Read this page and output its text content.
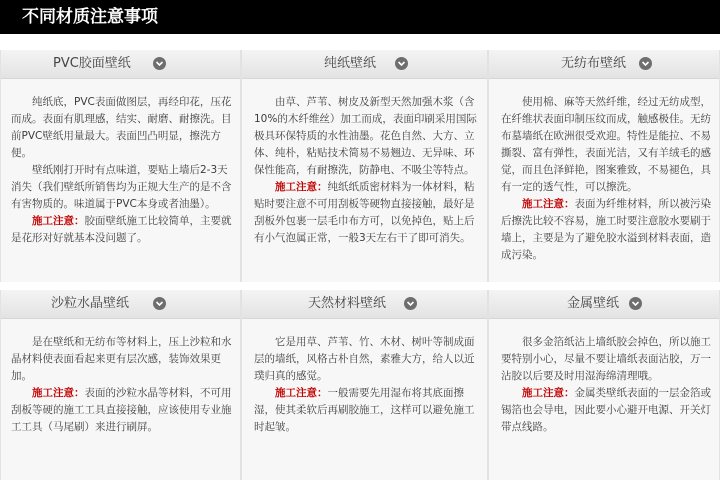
不同材质注意事项
PVC胶面壁纸

纯纸底，PVC表面做图层，再经印花，压花而成。表面有肌理感，结实、耐磨、耐擦洗。目前PVC壁纸用量最大。表面凹凸明显，擦洗方便。

壁纸刚打开时有点味道，要贴上墙后2-3天消失（我们壁纸所销售均为正规大生产的是不含有害物质的。味道属于PVC本身或者油墨）。

施工注意：胶面壁纸施工比较简单，主要就是花形对好就基本没问题了。

纯纸壁纸

由草、芦苇、树皮及新型天然加强木浆（含10%的木纤维丝）加工而成，表面印刷采用国际极具环保特质的水性油墨。花色自然、大方、立体、纯朴，粘贴技术简易不易翘边、无异味、环保性能高，有耐擦洗，防静电、不吸尘等特点。

施工注意：纯纸纸质密材料为一体材料，粘贴时要注意不可用刮板等硬物直接接触，最好是刮板外包裹一层毛巾布方可，以免掉色，贴上后有小气泡属正常，一般3天左右干了即可消失。

无纺布壁纸

使用棉、麻等天然纤维，经过无纺成型，在纤维状表面印制压纹而成，触感极佳。无纺布墓墙纸在欧洲很受欢迎。特性是能拉、不易撕裂、富有弹性，表面光洁，又有羊绒毛的感觉，而且色泽鲜艳，图案雅致，不易褪色，具有一定的透气性，可以擦洗。

施工注意：表面为纤维材料，所以被污染后擦洗比较不容易，施工时要注意胶水要刷于墙上，主要是为了避免胶水溢到材料表面，造成污染。

沙粒水晶壁纸

是在壁纸和无纺布等材料上，压上沙粒和水晶材料使表面看起来更有层次感，装饰效果更加。

施工注意：表面的沙粒水晶等材料，不可用刮板等硬的施工工具直接接触，应该使用专业施工工具（马尾刷）来进行刷屏。

天然材料壁纸

它是用草、芦苇、竹、木材、树叶等制成面层的墙纸，风格古朴自然，素雅大方，给人以近璞归真的感觉。

施工注意：一般需要先用湿布将其底面擦湿，使其柔软后再刷胶施工，这样可以避免施工时起皱。

金属壁纸

很多金箔纸沾上墙纸胶会掉色，所以施工要特别小心，尽量不要让墙纸表面沾胶，万一沾胶以后要及时用湿海绵清理哦。

施工注意：金属类壁纸表面的一层金箔或锡箔也会导电，因此要小心避开电源、开关灯带点线路。
